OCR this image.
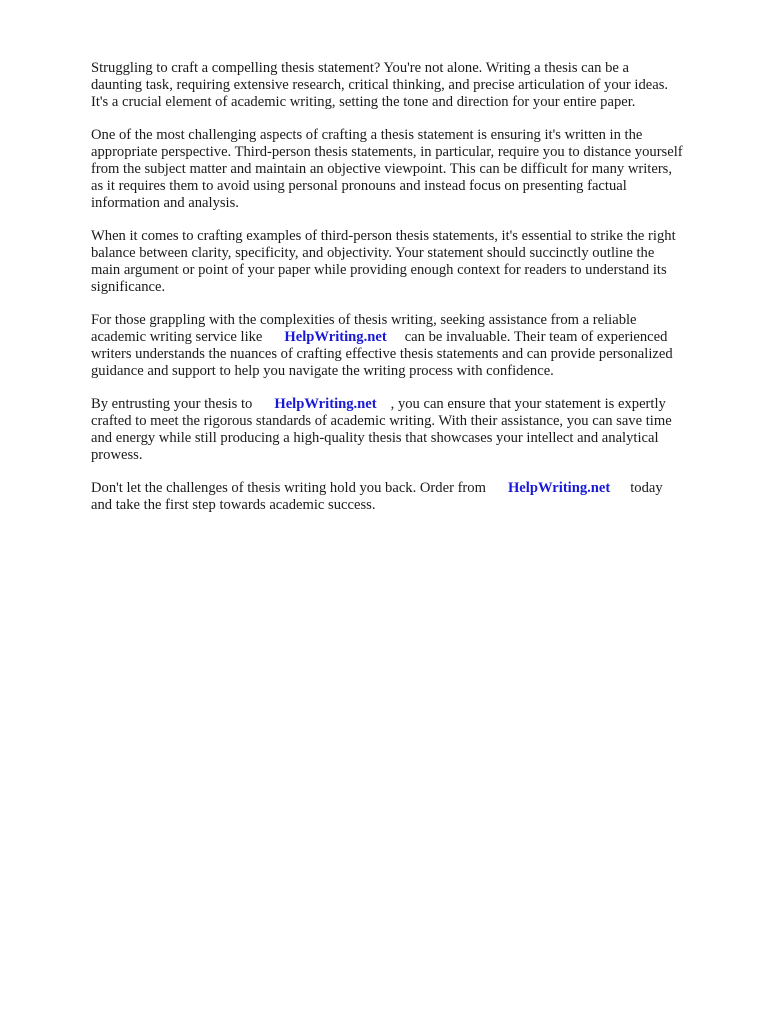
Struggling to craft a compelling thesis statement? You're not alone. Writing a thesis can be a
daunting task, requiring extensive research, critical thinking, and precise articulation of your ideas.
It's a crucial element of academic writing, setting the tone and direction for your entire paper.

One of the most challenging aspects of crafting a thesis statement is ensuring it's written in the
appropriate perspective. Third-person thesis statements, in particular, require you to distance yourself
from the subject matter and maintain an objective viewpoint. This can be difficult for many writers,
as it requires them to avoid using personal pronouns and instead focus on presenting factual
information and analysis.

When it comes to crafting examples of third-person thesis statements, it's essential to strike the right
balance between clarity, specificity, and objectivity. Your statement should succinctly outline the
main argument or point of your paper while providing enough context for readers to understand its
significance.

For those grappling with the complexities of thesis writing, seeking assistance from a reliable
academic writing service like HelpWriting.net can be invaluable. Their team of experienced
writers understands the nuances of crafting effective thesis statements and can provide personalized
guidance and support to help you navigate the writing process with confidence.

By entrusting your thesis to HelpWriting.net , you can ensure that your statement is expertly
crafted to meet the rigorous standards of academic writing. With their assistance, you can save time
and energy while still producing a high-quality thesis that showcases your intellect and analytical
prowess.

Don't let the challenges of thesis writing hold you back. Order from HelpWriting.net today
and take the first step towards academic success.
